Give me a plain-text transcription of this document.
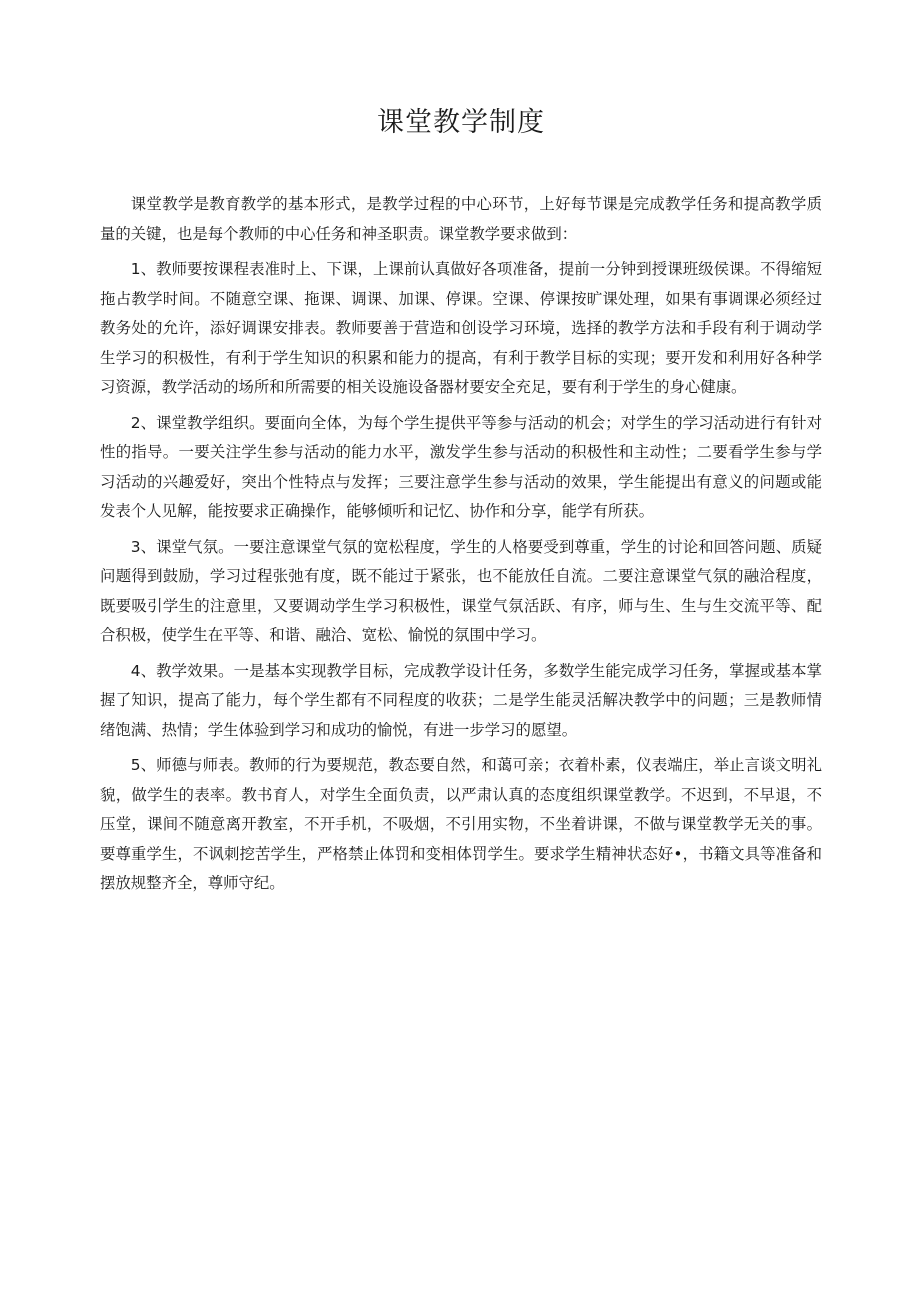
课堂教学制度

课堂教学是教育教学的基本形式，是教学过程的中心环节，上好每节课是完成教学任务和提高教学质量的关键，也是每个教师的中心任务和神圣职责。课堂教学要求做到：

1、教师要按课程表准时上、下课，上课前认真做好各项准备，提前一分钟到授课班级侯课。不得缩短拖占教学时间。不随意空课、拖课、调课、加课、停课。空课、停课按旷课处理，如果有事调课必须经过教务处的允许，添好调课安排表。教师要善于营造和创设学习环境，选择的教学方法和手段有利于调动学生学习的积极性，有利于学生知识的积累和能力的提高，有利于教学目标的实现；要开发和利用好各种学习资源，教学活动的场所和所需要的相关设施设备器材要安全充足，要有利于学生的身心健康。

2、课堂教学组织。要面向全体，为每个学生提供平等参与活动的机会；对学生的学习活动进行有针对性的指导。一要关注学生参与活动的能力水平，激发学生参与活动的积极性和主动性；二要看学生参与学习活动的兴趣爱好，突出个性特点与发挥；三要注意学生参与活动的效果，学生能提出有意义的问题或能发表个人见解，能按要求正确操作，能够倾听和记忆、协作和分享，能学有所获。

3、课堂气氛。一要注意课堂气氛的宽松程度，学生的人格要受到尊重，学生的讨论和回答问题、质疑问题得到鼓励，学习过程张弛有度，既不能过于紧张，也不能放任自流。二要注意课堂气氛的融洽程度，既要吸引学生的注意里，又要调动学生学习积极性，课堂气氛活跃、有序，师与生、生与生交流平等、配合积极，使学生在平等、和谐、融洽、宽松、愉悦的氛围中学习。

4、教学效果。一是基本实现教学目标，完成教学设计任务，多数学生能完成学习任务，掌握或基本掌握了知识，提高了能力，每个学生都有不同程度的收获；二是学生能灵活解决教学中的问题；三是教师情绪饱满、热情；学生体验到学习和成功的愉悦，有进一步学习的愿望。

5、师德与师表。教师的行为要规范，教态要自然，和蔼可亲；衣着朴素，仪表端庄，举止言谈文明礼貌，做学生的表率。教书育人，对学生全面负责，以严肃认真的态度组织课堂教学。不迟到，不早退，不压堂，课间不随意离开教室，不开手机，不吸烟，不引用实物，不坐着讲课，不做与课堂教学无关的事。要尊重学生，不讽刺挖苦学生，严格禁止体罚和变相体罚学生。要求学生精神状态好•，书籍文具等准备和摆放规整齐全，尊师守纪。
